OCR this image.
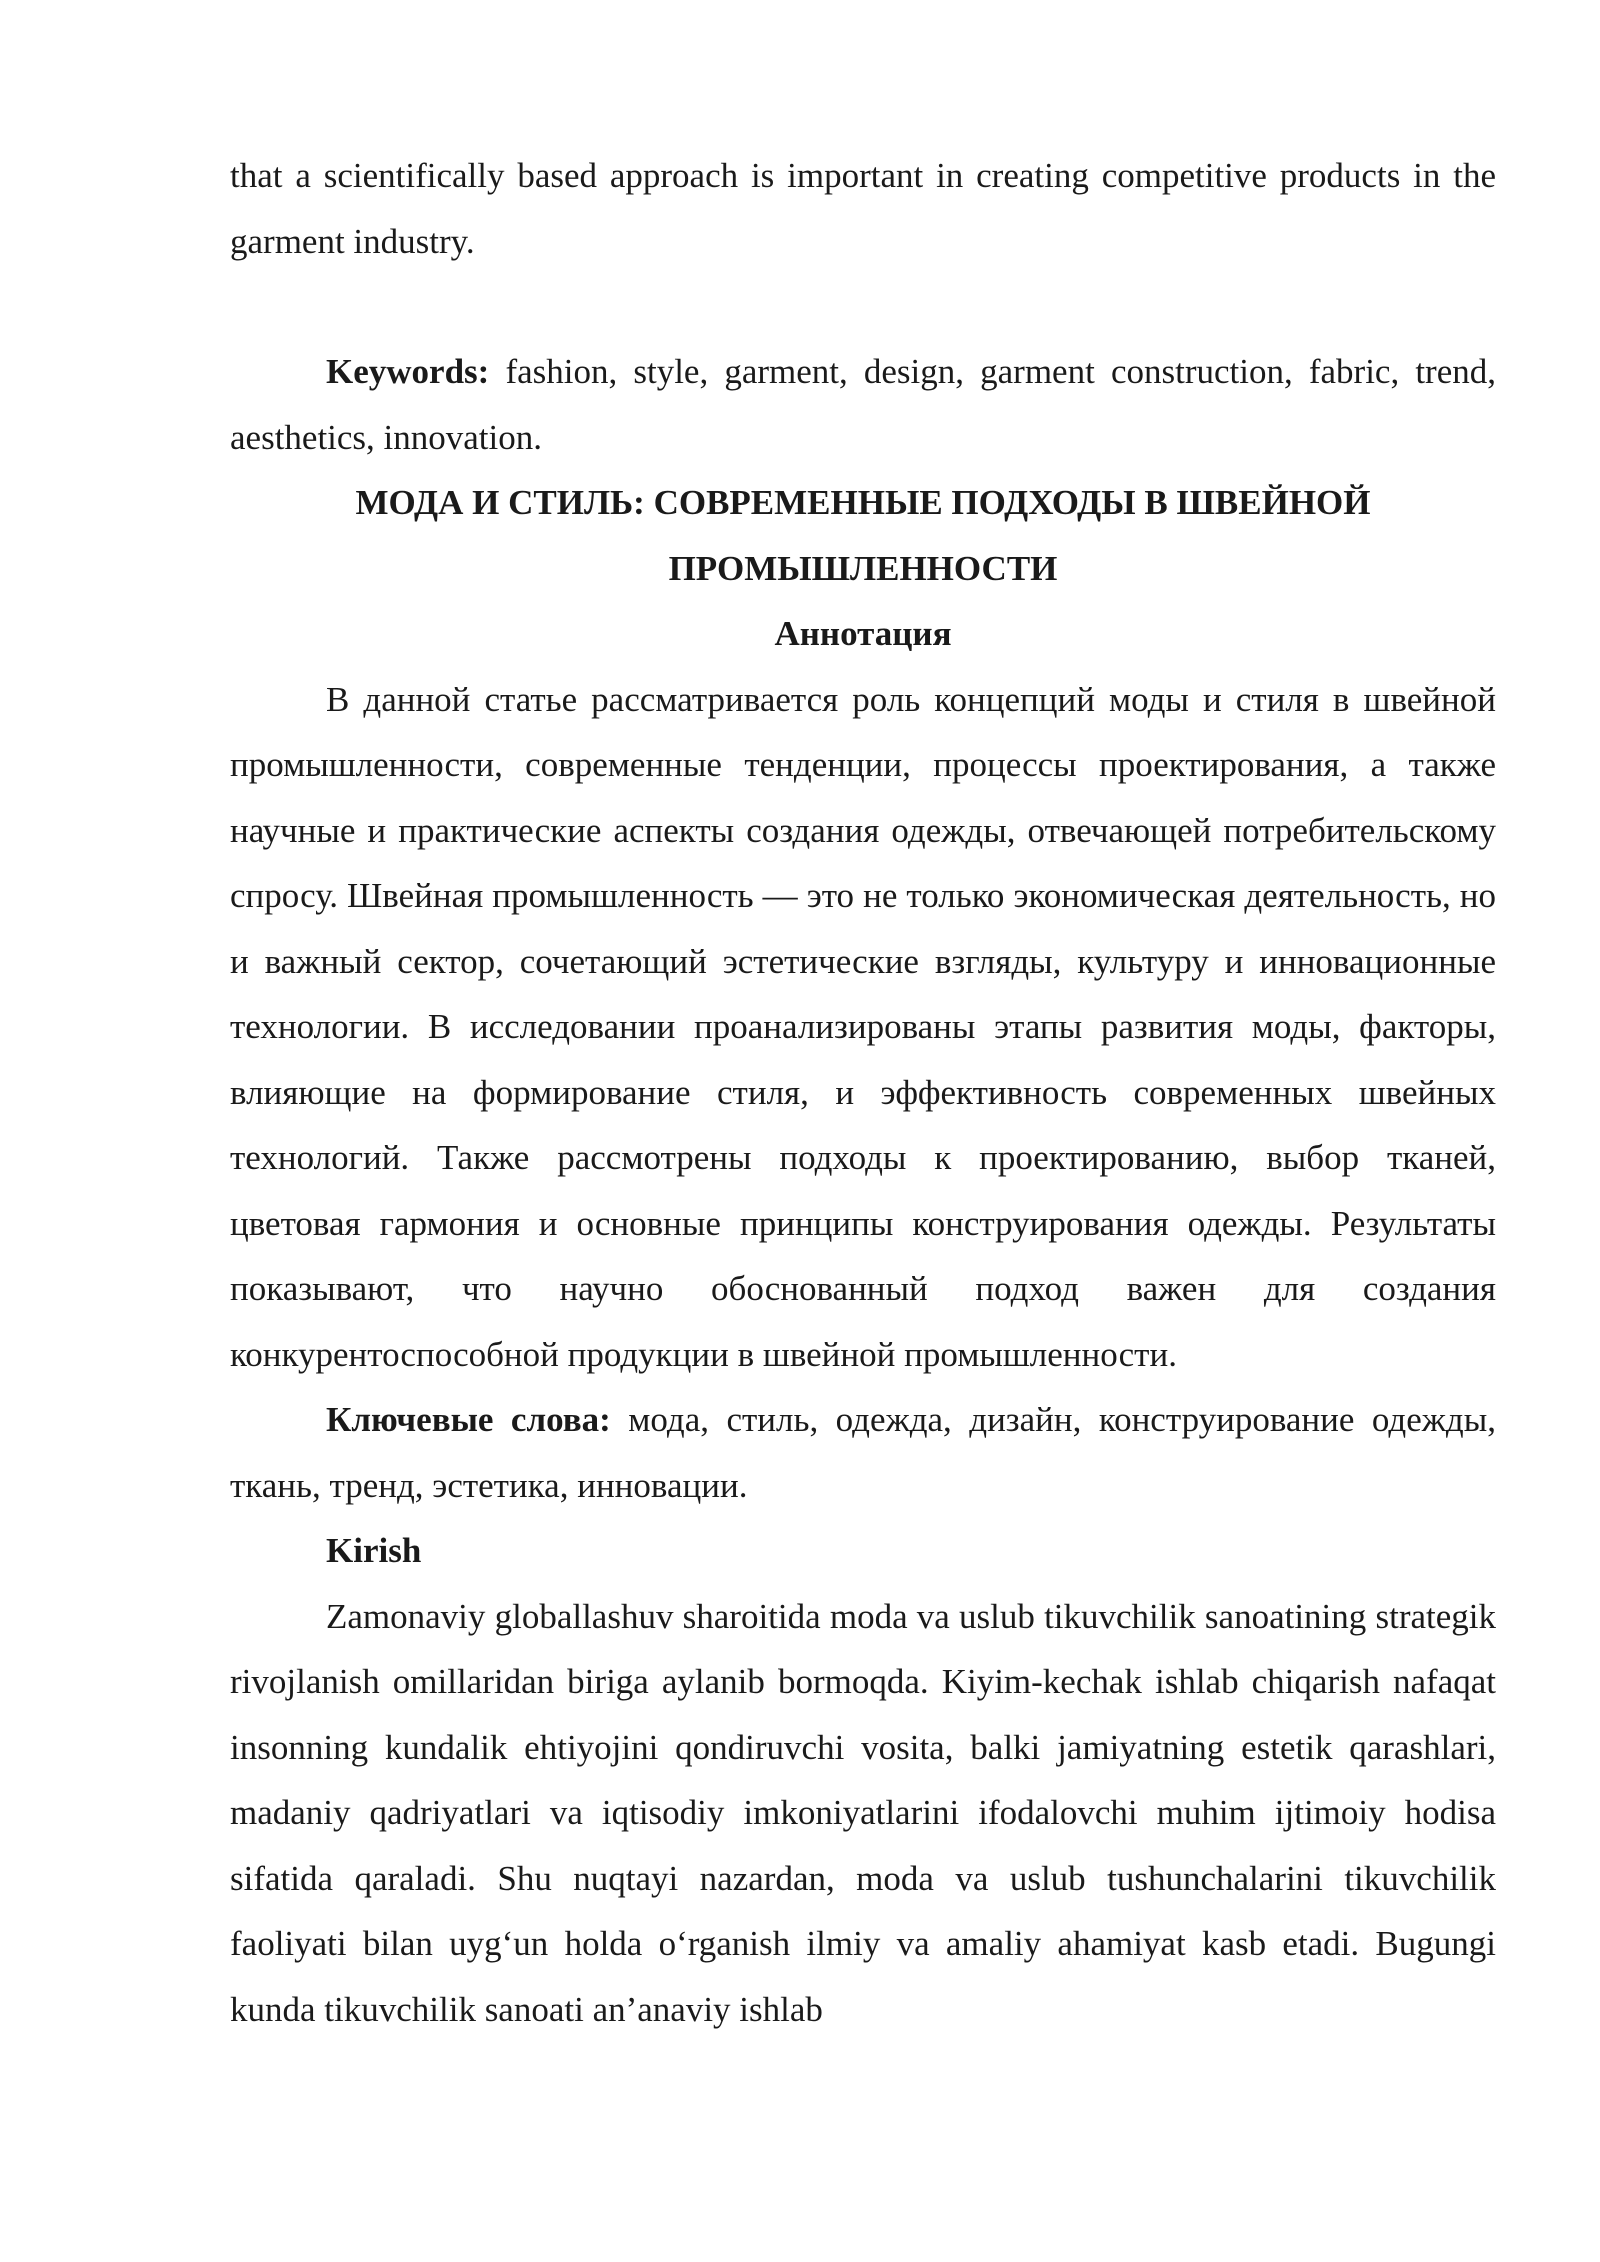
that a scientifically based approach is important in creating competitive products in the garment industry.

Keywords: fashion, style, garment, design, garment construction, fabric, trend, aesthetics, innovation.

МОДА И СТИЛЬ: СОВРЕМЕННЫЕ ПОДХОДЫ В ШВЕЙНОЙ ПРОМЫШЛЕННОСТИ

Аннотация

В данной статье рассматривается роль концепций моды и стиля в швейной промышленности, современные тенденции, процессы проектирования, а также научные и практические аспекты создания одежды, отвечающей потребительскому спросу. Швейная промышленность — это не только экономическая деятельность, но и важный сектор, сочетающий эстетические взгляды, культуру и инновационные технологии. В исследовании проанализированы этапы развития моды, факторы, влияющие на формирование стиля, и эффективность современных швейных технологий. Также рассмотрены подходы к проектированию, выбор тканей, цветовая гармония и основные принципы конструирования одежды. Результаты показывают, что научно обоснованный подход важен для создания конкурентоспособной продукции в швейной промышленности.

Ключевые слова: мода, стиль, одежда, дизайн, конструирование одежды, ткань, тренд, эстетика, инновации.

Kirish

Zamonaviy globallashuv sharoitida moda va uslub tikuvchilik sanoatining strategik rivojlanish omillaridan biriga aylanib bormoqda. Kiyim-kechak ishlab chiqarish nafaqat insonning kundalik ehtiyojini qondiruvchi vosita, balki jamiyatning estetik qarashlari, madaniy qadriyatlari va iqtisodiy imkoniyatlarini ifodalovchi muhim ijtimoiy hodisa sifatida qaraladi. Shu nuqtayi nazardan, moda va uslub tushunchalarini tikuvchilik faoliyati bilan uyg‘un holda o‘rganish ilmiy va amaliy ahamiyat kasb etadi. Bugungi kunda tikuvchilik sanoati an’anaviy ishlab
